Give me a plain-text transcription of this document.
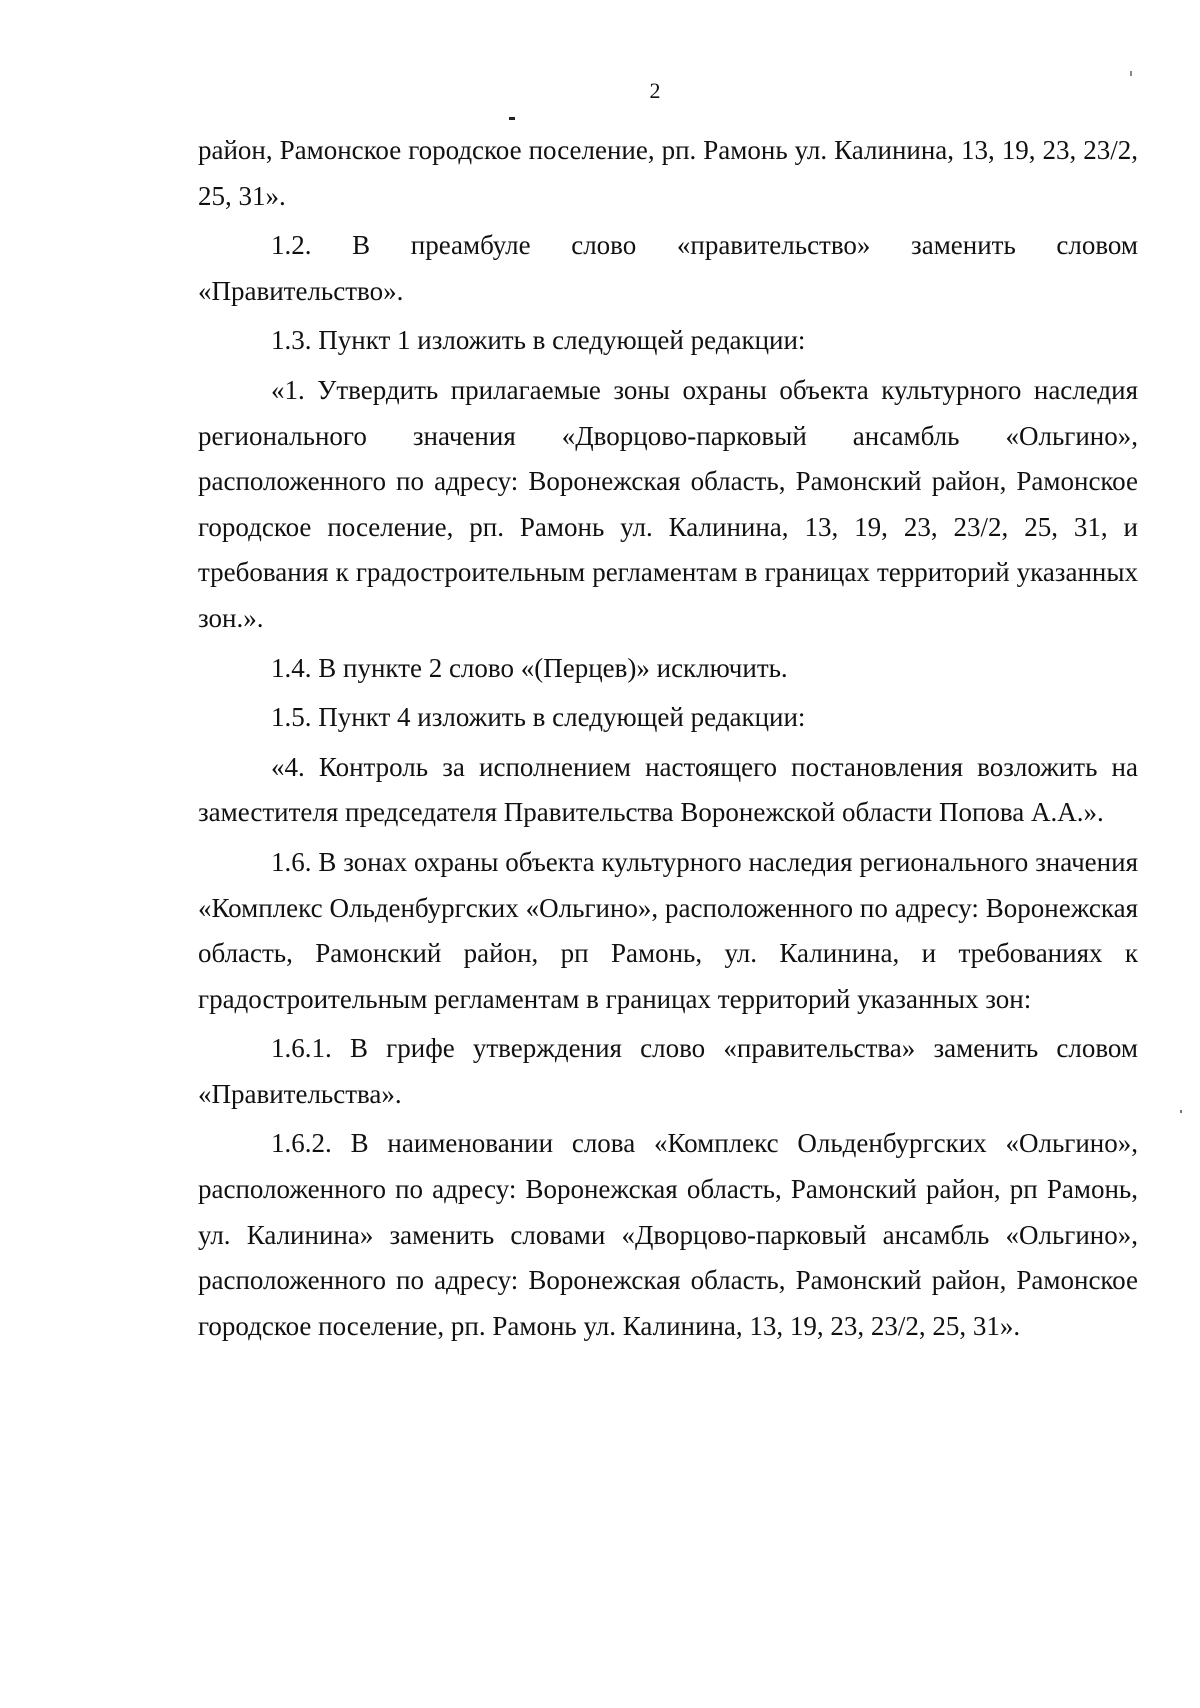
2

район, Рамонское городское поселение, рп. Рамонь ул. Калинина, 13, 19, 23, 23/2, 25, 31».

1.2. В преамбуле слово «правительство» заменить словом «Правительство».

1.3. Пункт 1 изложить в следующей редакции:

«1. Утвердить прилагаемые зоны охраны объекта культурного наследия регионального значения «Дворцово-парковый ансамбль «Ольгино», расположенного по адресу: Воронежская область, Рамонский район, Рамонское городское поселение, рп. Рамонь ул. Калинина, 13, 19, 23, 23/2, 25, 31, и требования к градостроительным регламентам в границах территорий указанных зон.».

1.4. В пункте 2 слово «(Перцев)» исключить.

1.5. Пункт 4 изложить в следующей редакции:

«4. Контроль за исполнением настоящего постановления возложить на заместителя председателя Правительства Воронежской области Попова А.А.».

1.6. В зонах охраны объекта культурного наследия регионального значения «Комплекс Ольденбургских «Ольгино», расположенного по адресу: Воронежская область, Рамонский район, рп Рамонь, ул. Калинина, и требованиях к градостроительным регламентам в границах территорий указанных зон:

1.6.1. В грифе утверждения слово «правительства» заменить словом «Правительства».

1.6.2. В наименовании слова «Комплекс Ольденбургских «Ольгино», расположенного по адресу: Воронежская область, Рамонский район, рп Рамонь, ул. Калинина» заменить словами «Дворцово-парковый ансамбль «Ольгино», расположенного по адресу: Воронежская область, Рамонский район, Рамонское городское поселение, рп. Рамонь ул. Калинина, 13, 19, 23, 23/2, 25, 31».
